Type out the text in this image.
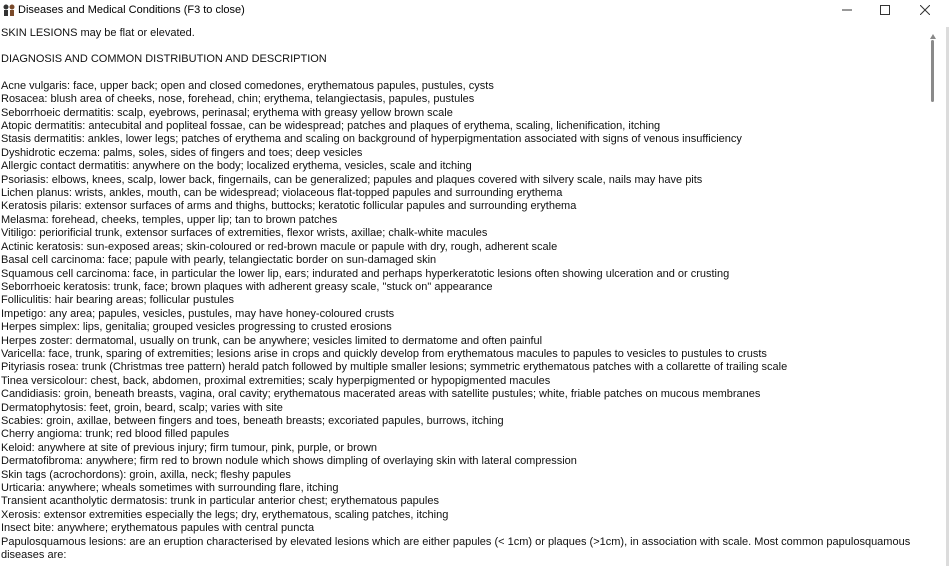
Diseases and Medical Conditions (F3 to close)

SKIN LESIONS may be flat or elevated.

DIAGNOSIS AND COMMON DISTRIBUTION AND DESCRIPTION

Acne vulgaris: face, upper back; open and closed comedones, erythematous papules, pustules, cysts

Rosacea: blush area of cheeks, nose, forehead, chin; erythema, telangiectasis, papules, pustules

Seborrhoeic dermatitis: scalp, eyebrows, perinasal; erythema with greasy yellow brown scale

Atopic dermatitis: antecubital and popliteal fossae, can be widespread; patches and plaques of erythema, scaling, lichenification, itching

Stasis dermatitis: ankles, lower legs; patches of erythema and scaling on background of hyperpigmentation associated with signs of venous insufficiency

Dyshidrotic eczema: palms, soles, sides of fingers and toes; deep vesicles

Allergic contact dermatitis: anywhere on the body; localized erythema, vesicles, scale and itching

Psoriasis: elbows, knees, scalp, lower back, fingernails, can be generalized; papules and plaques covered with silvery scale, nails may have pits

Lichen planus: wrists, ankles, mouth, can be widespread; violaceous flat-topped papules and surrounding erythema

Keratosis pilaris: extensor surfaces of arms and thighs, buttocks; keratotic follicular papules and surrounding erythema

Melasma: forehead, cheeks, temples, upper lip; tan to brown patches

Vitiligo: periorificial trunk, extensor surfaces of extremities, flexor wrists, axillae; chalk-white macules

Actinic keratosis: sun-exposed areas; skin-coloured or red-brown macule or papule with dry, rough, adherent scale

Basal cell carcinoma: face; papule with pearly, telangiectatic border on sun-damaged skin

Squamous cell carcinoma: face, in particular the lower lip, ears; indurated and perhaps hyperkeratotic lesions often showing ulceration and or crusting

Seborrhoeic keratosis: trunk, face; brown plaques with adherent greasy scale, "stuck on" appearance

Folliculitis: hair bearing areas; follicular pustules

Impetigo: any area; papules, vesicles, pustules, may have honey-coloured crusts

Herpes simplex: lips, genitalia; grouped vesicles progressing to crusted erosions

Herpes zoster: dermatomal, usually on trunk, can be anywhere; vesicles limited to dermatome and often painful

Varicella: face, trunk, sparing of extremities; lesions arise in crops and quickly develop from erythematous macules to papules to vesicles to pustules to crusts

Pityriasis rosea: trunk (Christmas tree pattern) herald patch followed by multiple smaller lesions; symmetric erythematous patches with a collarette of trailing scale

Tinea versicolour: chest, back, abdomen, proximal extremities; scaly hyperpigmented or hypopigmented macules

Candidiasis: groin, beneath breasts, vagina, oral cavity; erythematous macerated areas with satellite pustules; white, friable patches on mucous membranes

Dermatophytosis: feet, groin, beard, scalp; varies with site

Scabies: groin, axillae, between fingers and toes, beneath breasts; excoriated papules, burrows, itching

Cherry angioma: trunk; red blood filled papules

Keloid: anywhere at site of previous injury; firm tumour, pink, purple, or brown

Dermatofibroma: anywhere; firm red to brown nodule which shows dimpling of overlaying skin with lateral compression

Skin tags (acrochordons): groin, axilla, neck; fleshy papules

Urticaria: anywhere; wheals sometimes with surrounding flare, itching

Transient acantholytic dermatosis: trunk in particular anterior chest; erythematous papules

Xerosis: extensor extremities especially the legs; dry, erythematous, scaling patches, itching

Insect bite: anywhere; erythematous papules with central puncta

Papulosquamous lesions: are an eruption characterised by elevated lesions which are either papules (< 1cm) or plaques (>1cm), in association with scale. Most common papulosquamous diseases are:
